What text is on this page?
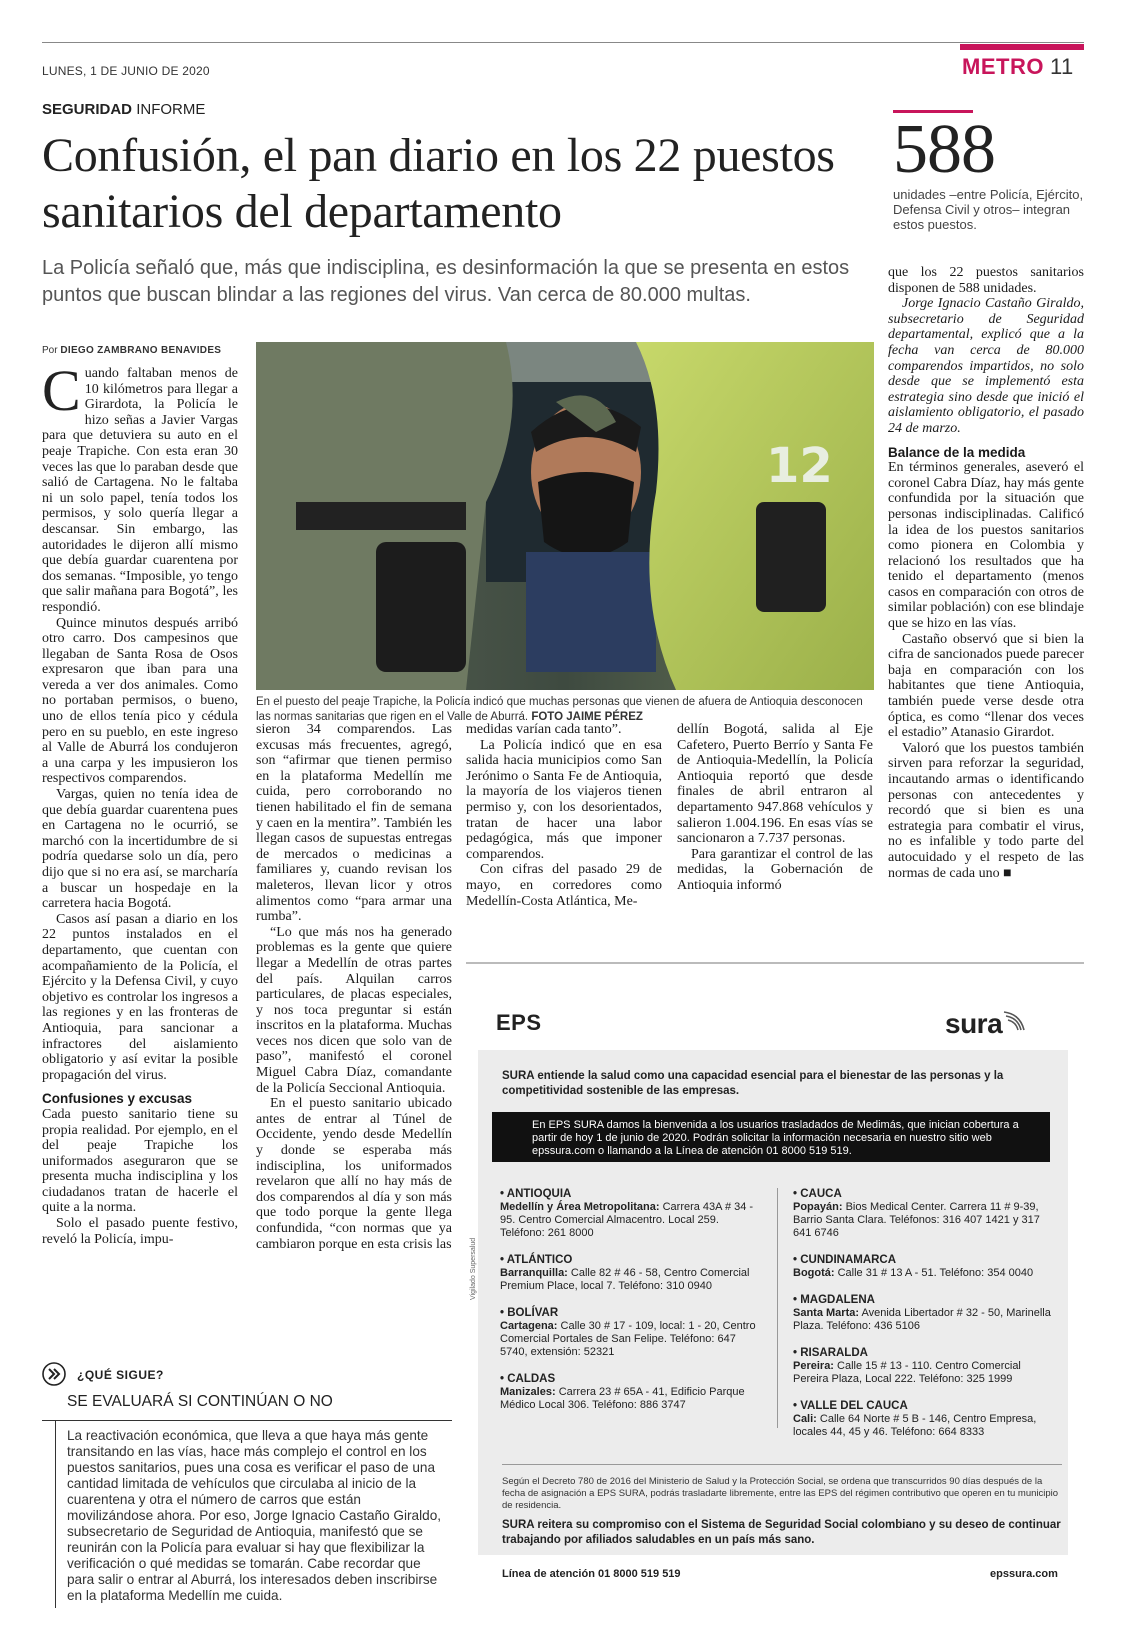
LUNES, 1 DE JUNIO DE 2020	METRO 11
SEGURIDAD INFORME
Confusión, el pan diario en los 22 puestos sanitarios del departamento
La Policía señaló que, más que indisciplina, es desinformación la que se presenta en estos puntos que buscan blindar a las regiones del virus. Van cerca de 80.000 multas.
588
unidades –entre Policía, Ejército, Defensa Civil y otros– integran estos puestos.
Por DIEGO ZAMBRANO BENAVIDES

Cuando faltaban menos de 10 kilómetros para llegar a Girardota, la Policía le hizo señas a Javier Vargas para que detuviera su auto en el peaje Trapiche. Con esta eran 30 veces las que lo paraban desde que salió de Cartagena. No le faltaba ni un solo papel, tenía todos los permisos, y solo quería llegar a descansar. Sin embargo, las autoridades le dijeron allí mismo que debía guardar cuarentena por dos semanas. “Imposible, yo tengo que salir mañana para Bogotá”, les respondió.

Quince minutos después arribó otro carro. Dos campesinos que llegaban de Santa Rosa de Osos expresaron que iban para una vereda a ver dos animales. Como no portaban permisos, o bueno, uno de ellos tenía pico y cédula pero en su pueblo, en este ingreso al Valle de Aburrá los condujeron a una carpa y les impusieron los respectivos comparendos.

Vargas, quien no tenía idea de que debía guardar cuarentena pues en Cartagena no le ocurrió, se marchó con la incertidumbre de si podría quedarse solo un día, pero dijo que si no era así, se marcharía a buscar un hospedaje en la carretera hacia Bogotá.

Casos así pasan a diario en los 22 puntos instalados en el departamento, que cuentan con acompañamiento de la Policía, el Ejército y la Defensa Civil, y cuyo objetivo es controlar los ingresos a las regiones y en las fronteras de Antioquia, para sancionar a infractores del aislamiento obligatorio y así evitar la posible propagación del virus.

Confusiones y excusas

Cada puesto sanitario tiene su propia realidad. Por ejemplo, en el del peaje Trapiche los uniformados aseguraron que se presenta mucha indisciplina y los ciudadanos tratan de hacerle el quite a la norma.

Solo el pasado puente festivo, reveló la Policía, impu-

12
En el puesto del peaje Trapiche, la Policía indicó que muchas personas que vienen de afuera de Antioquia desconocen las normas sanitarias que rigen en el Valle de Aburrá. FOTO JAIME PÉREZ

sieron 34 comparendos. Las excusas más frecuentes, agregó, son “afirmar que tienen permiso en la plataforma Medellín me cuida, pero corroborando no tienen habilitado el fin de semana y caen en la mentira”. También les llegan casos de supuestas entregas de mercados o medicinas a familiares y, cuando revisan los maleteros, llevan licor y otros alimentos como “para armar una rumba”.

“Lo que más nos ha generado problemas es la gente que quiere llegar a Medellín de otras partes del país. Alquilan carros particulares, de placas especiales, y nos toca preguntar si están inscritos en la plataforma. Muchas veces nos dicen que solo van de paso”, manifestó el coronel Miguel Cabra Díaz, comandante de la Policía Seccional Antioquia.

En el puesto sanitario ubicado antes de entrar al Túnel de Occidente, yendo desde Medellín y donde se esperaba más indisciplina, los uniformados revelaron que allí no hay más de dos comparendos al día y son más que todo porque la gente llega confundida, “con normas que ya cambiaron porque en esta crisis las

medidas varían cada tanto”.

La Policía indicó que en esa salida hacia municipios como San Jerónimo o Santa Fe de Antioquia, la mayoría de los viajeros tienen permiso y, con los desorientados, tratan de hacer una labor pedagógica, más que imponer comparendos.

Con cifras del pasado 29 de mayo, en corredores como Medellín-Costa Atlántica, Me-

dellín Bogotá, salida al Eje Cafetero, Puerto Berrío y Santa Fe de Antioquia-Medellín, la Policía Antioquia reportó que desde finales de abril entraron al departamento 947.868 vehículos y salieron 1.004.196. En esas vías se sancionaron a 7.737 personas.

Para garantizar el control de las medidas, la Gobernación de Antioquia informó

que los 22 puestos sanitarios disponen de 588 unidades.

Jorge Ignacio Castaño Giraldo, subsecretario de Seguridad departamental, explicó que a la fecha van cerca de 80.000 comparendos impartidos, no solo desde que se implementó esta estrategia sino desde que inició el aislamiento obligatorio, el pasado 24 de marzo.

Balance de la medida

En términos generales, aseveró el coronel Cabra Díaz, hay más gente confundida por la situación que personas indisciplinadas. Calificó la idea de los puestos sanitarios como pionera en Colombia y relacionó los resultados que ha tenido el departamento (menos casos en comparación con otros de similar población) con ese blindaje que se hizo en las vías.

Castaño observó que si bien la cifra de sancionados puede parecer baja en comparación con los habitantes que tiene Antioquia, también puede verse desde otra óptica, es como “llenar dos veces el estadio” Atanasio Girardot.

Valoró que los puestos también sirven para reforzar la seguridad, incautando armas o identificando personas con antecedentes y recordó que si bien es una estrategia para combatir el virus, no es infalible y todo parte del autocuidado y el respeto de las normas de cada uno ■

¿QUÉ SIGUE?
SE EVALUARÁ SI CONTINÚAN O NO
La reactivación económica, que lleva a que haya más gente transitando en las vías, hace más complejo el control en los puestos sanitarios, pues una cosa es verificar el paso de una cantidad limitada de vehículos que circulaba al inicio de la cuarentena y otra el número de carros que están movilizándose ahora. Por eso, Jorge Ignacio Castaño Giraldo, subsecretario de Seguridad de Antioquia, manifestó que se reunirán con la Policía para evaluar si hay que flexibilizar la verificación o qué medidas se tomarán. Cabe recordar que para salir o entrar al Aburrá, los interesados deben inscribirse en la plataforma Medellín me cuida.
EPS	sura
SURA entiende la salud como una capacidad esencial para el bienestar de las personas y la competitividad sostenible de las empresas.
En EPS SURA damos la bienvenida a los usuarios trasladados de Medimás, que inician cobertura a partir de hoy 1 de junio de 2020. Podrán solicitar la información necesaria en nuestro sitio web epssura.com o llamando a la Línea de atención 01 8000 519 519.
• ANTIOQUIA
Medellín y Área Metropolitana: Carrera 43A # 34 - 95. Centro Comercial Almacentro. Local 259. Teléfono: 261 8000
• ATLÁNTICO
Barranquilla: Calle 82 # 46 - 58, Centro Comercial Premium Place, local 7. Teléfono: 310 0940
• BOLÍVAR
Cartagena: Calle 30 # 17 - 109, local: 1 - 20, Centro Comercial Portales de San Felipe. Teléfono: 647 5740, extensión: 52321
• CALDAS
Manizales: Carrera 23 # 65A - 41, Edificio Parque Médico Local 306. Teléfono: 886 3747
• CAUCA
Popayán: Bios Medical Center. Carrera 11 # 9-39, Barrio Santa Clara. Teléfonos: 316 407 1421 y 317 641 6746
• CUNDINAMARCA
Bogotá: Calle 31 # 13 A - 51. Teléfono: 354 0040
• MAGDALENA
Santa Marta: Avenida Libertador # 32 - 50, Marinella Plaza. Teléfono: 436 5106
• RISARALDA
Pereira: Calle 15 # 13 - 110. Centro Comercial Pereira Plaza, Local 222. Teléfono: 325 1999
• VALLE DEL CAUCA
Cali: Calle 64 Norte # 5 B - 146, Centro Empresa, locales 44, 45 y 46. Teléfono: 664 8333
Según el Decreto 780 de 2016 del Ministerio de Salud y la Protección Social, se ordena que transcurridos 90 días después de la fecha de asignación a EPS SURA, podrás trasladarte libremente, entre las EPS del régimen contributivo que operen en tu municipio de residencia.
SURA reitera su compromiso con el Sistema de Seguridad Social colombiano y su deseo de continuar trabajando por afiliados saludables en un país más sano.
Línea de atención 01 8000 519 519	epssura.com
Vigilado Supersalud
